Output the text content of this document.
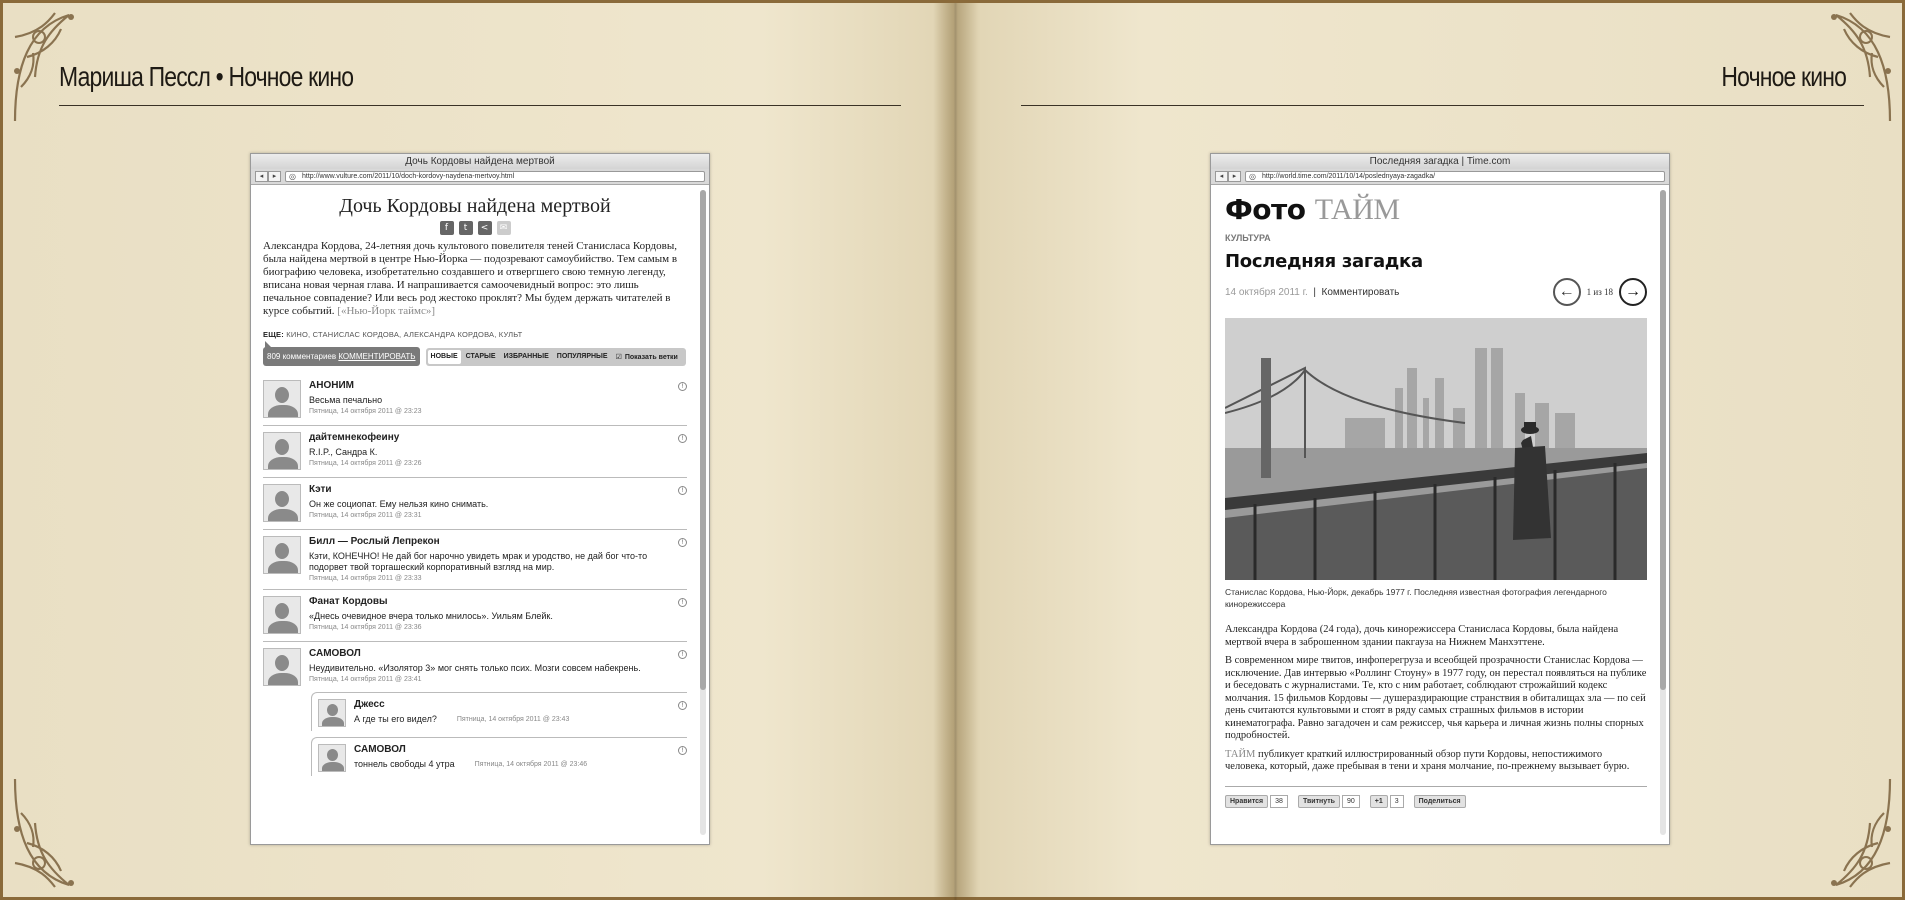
Мариша Пессл • Ночное кино	Ночное кино
Дочь Кордовы найдена мертвой
◂	▸	◎ http://www.vulture.com/2011/10/doch-kordovy-naydena-mertvoy.html
Дочь Кордовы найдена мертвой
f	t	<	✉
Александра Кордова, 24-летняя дочь культового повелителя теней Станисласа Кордовы, была найдена мертвой в центре Нью-Йорка — подозревают самоубийство. Тем самым в биографию человека, изобретательно создавшего и отвергшего свою темную легенду, вписана новая черная глава. И напрашивается самоочевидный вопрос: это лишь печальное совпадение? Или весь род жестоко проклят? Мы будем держать читателей в курсе событий. [«Нью-Йорк таймс»]
ЕЩЕ: КИНО, СТАНИСЛАС КОРДОВА, АЛЕКСАНДРА КОРДОВА, КУЛЬТ
809 комментариев КОММЕНТИРОВАТЬ	НОВЫЕ	СТАРЫЕ	ИЗБРАННЫЕ	ПОПУЛЯРНЫЕ	☑ Показать ветки
АНОНИМ
Весьма печально
Пятница, 14 октября 2011 @ 23:23
!
дайтемнекофеину
R.I.P., Сандра К.
Пятница, 14 октября 2011 @ 23:26
!
Кэти
Он же социопат. Ему нельзя кино снимать.
Пятница, 14 октября 2011 @ 23:31
!
Билл — Рослый Лепрекон
Кэти, КОНЕЧНО! Не дай бог нарочно увидеть мрак и уродство, не дай бог что-то подорвет твой торгашеский корпоративный взгляд на мир.
Пятница, 14 октября 2011 @ 23:33
!
Фанат Кордовы
«Днесь очевидное вчера только мнилось». Уильям Блейк.
Пятница, 14 октября 2011 @ 23:36
!
САМОВОЛ
Неудивительно. «Изолятор 3» мог снять только псих. Мозги совсем набекрень.
Пятница, 14 октября 2011 @ 23:41
!
Джесс
А где ты его видел?	Пятница, 14 октября 2011 @ 23:43
!
САМОВОЛ
тоннель свободы 4 утра	Пятница, 14 октября 2011 @ 23:46
!
Последняя загадка | Time.com
◂	▸	◎ http://world.time.com/2011/10/14/poslednyaya-zagadka/
Фото ТАЙМ
КУЛЬТУРА
Последняя загадка
14 октября 2011 г. | Комментировать	←	1 из 18 →
Станислас Кордова, Нью-Йорк, декабрь 1977 г. Последняя известная фотография легендарного кинорежиссера

Александра Кордова (24 года), дочь кинорежиссера Станисласа Кордовы, была найдена мертвой вчера в заброшенном здании пакгауза на Нижнем Манхэттене.

В современном мире твитов, инфоперегруза и всеобщей прозрачности Станислас Кордова — исключение. Дав интервью «Роллинг Стоуну» в 1977 году, он перестал появляться на публике и беседовать с журналистами. Те, кто с ним работает, соблюдают строжайший кодекс молчания. 15 фильмов Кордовы — душераздирающие странствия в обиталищах зла — по сей день считаются культовыми и стоят в ряду самых страшных фильмов в истории кинематографа. Равно загадочен и сам режиссер, чья карьера и личная жизнь полны спорных подробностей.

ТАЙМ публикует краткий иллюстрированный обзор пути Кордовы, непостижимого человека, который, даже пребывая в тени и храня молчание, по-прежнему вызывает бурю.

Нравится	38	Твитнуть	90	+1	3	Поделиться
